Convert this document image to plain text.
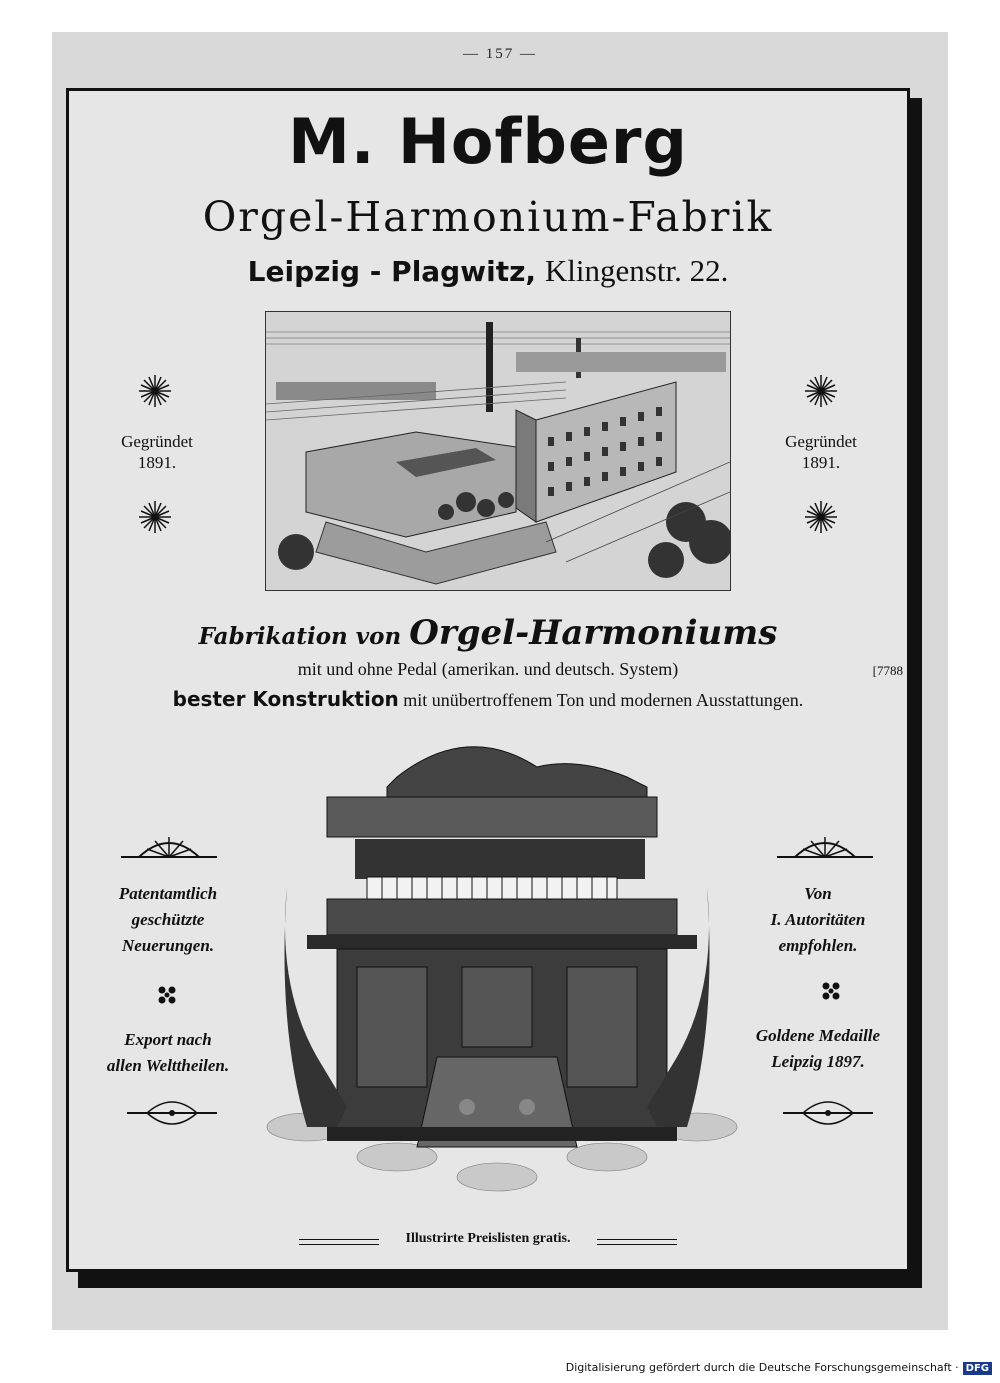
— 157 —
M. Hofberg
Orgel-Harmonium-Fabrik
Leipzig - Plagwitz, Klingenstr. 22.
Gegründet
1891.
Gegründet
1891.
Fabrikation von Orgel-Harmoniums
mit und ohne Pedal (amerikan. und deutsch. System)	[7788
bester Konstruktion mit unübertroffenem Ton und modernen Ausstattungen.
Patentamtlich
geschützte
Neuerungen.
Export nach
allen Welttheilen.
Von
I. Autoritäten
empfohlen.
Goldene Medaille
Leipzig 1897.
Illustrirte Preislisten gratis.
Digitalisierung gefördert durch die Deutsche Forschungsgemeinschaft · DFG
